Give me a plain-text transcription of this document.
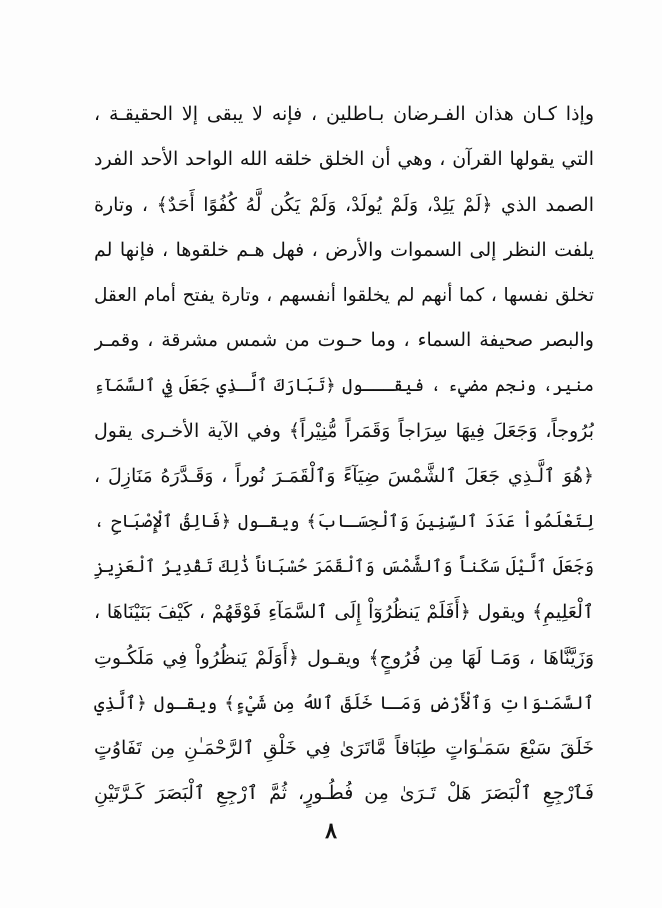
وإذا كـان هذان الفـرضان بـاطلين ، فإنه لا يبقى إلا الحقيقـة ،
التي يقولها القرآن ، وهي أن الخلق خلقه الله الواحد الأحد الفرد
الصمد الذي ﴿لَمْ يَلِدْ، وَلَمْ يُولَدْ، وَلَمْ يَكُن لَّهُ كُفُوًا أَحَدٌ﴾ ، وتارة
يلفت النظر إلى السموات والأرض ، فهل هـم خلقوها ، فإنها لم
تخلق نفسها ، كما أنهم لم يخلقوا أنفسهم ، وتارة يفتح أمام العقل
والبصر صحيفة السماء ، وما حـوت من شمس مشرقة ، وقمـر
منير، ونجم مضيء ، فيقـــول ﴿تَبَارَكَ ٱلَّـذِي جَعَلَ فِي ٱلسَّمَآءِ
بُرُوجاً، وَجَعَلَ فِيهَا سِرَاجاً وَقَمَراً مُّنِيْراً﴾ وفي الآية الأخـرى يقول
﴿هُوَ ٱلَّـذِي جَعَلَ ٱلشَّمْسَ ضِيَآءً وَٱلْقَمَـرَ نُوراً ، وَقَـدَّرَهُ مَنَازِلَ ،
لِتَعْلَمُواْ عَدَدَ ٱلسِّنِينَ وَٱلْحِسَـابَ﴾ ويقـول ﴿فَالِقُ ٱلْإِصْبَاحِ ،
وَجَعَلَ ٱلَّيْلَ سَكَناً وَٱلشَّمْسَ وَٱلْقَمَرَ حُسْبَاناً ذَٰلِكَ تَقْدِيرُ ٱلْعَزِيزِ
ٱلْعَلِيمِ﴾ ويقول ﴿أَفَلَمْ يَنظُرُوٓاْ إِلَى ٱلسَّمَآءِ فَوْقَهُمْ ، كَيْفَ بَنَيْنَاهَا ،
وَزَيَّنَّاهَا ، وَمَـا لَهَا مِن فُرُوجٍ﴾ ويقـول ﴿أَوَلَمْ يَنظُرُواْ فِي مَلَكُـوتِ
ٱلسَّمَـٰوَاتِ وَٱلْأَرْضِ وَمَـا خَلَقَ ٱللهُ مِن شَيْءٍ﴾ ويقـول ﴿ٱلَّذِي
خَلَقَ سَبْعَ سَمَـٰوَاتٍ طِبَاقاً مَّاتَرَىٰ فِي خَلْقِ ٱلرَّحْمَـٰنِ مِن تَفَاوُتٍ
فَٱرْجِعِ ٱلْبَصَرَ هَلْ تَـرَىٰ مِن فُطُـورٍ، ثُمَّ ٱرْجِعِ ٱلْبَصَرَ كَـرَّتَيْنِ
٨
